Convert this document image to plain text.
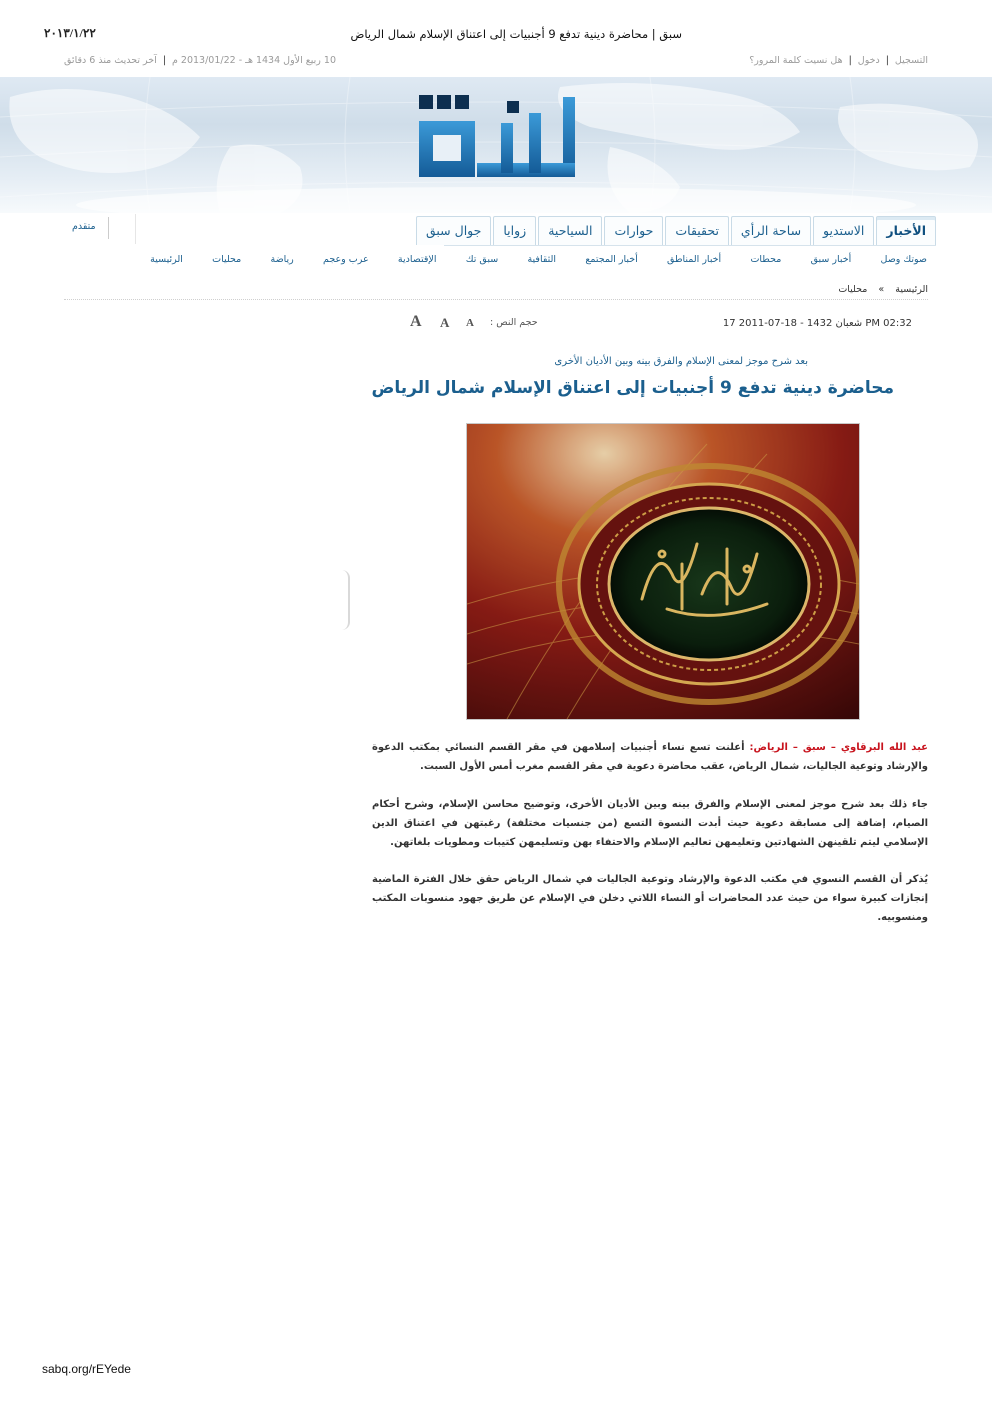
٢٠١٣/١/٢٢	سبق | محاضرة دينية تدفع 9 أجنبيات إلى اعتناق الإسلام شمال الرياض
التسجيل|دخول|هل نسيت كلمة المرور؟
10 ربيع الأول 1434 هـ - 2013/01/22 م|آخر تحديث منذ 6 دقائق
الأخبار
الاستديو
ساحة الرأي
تحقيقات
حوارات
السياحية
زوايا
جوال سبق
متقدم
الرئيسية	محليات	رياضة	عرب وعجم	الإقتصادية	سبق تك	الثقافية	أخبار المجتمع	أخبار المناطق	محطات	أخبار سبق	صوتك وصل
الرئيسية » محليات
17 شعبان 1432 - 18-07-2011 PM 02:32
حجم النص :
A
A
A
بعد شرح موجز لمعنى الإسلام والفرق بينه وبين الأديان الأخرى
محاضرة دينية تدفع 9 أجنبيات إلى اعتناق الإسلام شمال الرياض
عبد الله البرقاوي – سبق – الرياض: أعلنت تسع نساء أجنبيات إسلامهن في مقر القسم النسائي بمكتب الدعوة والإرشاد وتوعية الجاليات، شمال الرياض، عقب محاضرة دعوية في مقر القسم مغرب أمس الأول السبت.
جاء ذلك بعد شرح موجز لمعنى الإسلام والفرق بينه وبين الأديان الأخرى، وتوضيح محاسن الإسلام، وشرح أحكام الصيام، إضافة إلى مسابقة دعوية حيث أبدت النسوة التسع (من جنسيات مختلفة) رغبتهن في اعتناق الدين الإسلامي ليتم تلقينهن الشهادتين وتعليمهن تعاليم الإسلام والاحتفاء بهن وتسليمهن كتيبات ومطويات بلغاتهن.
يُذكر أن القسم النسوي في مكتب الدعوة والإرشاد وتوعية الجاليات في شمال الرياض حقق خلال الفترة الماضية إنجازات كبيرة سواء من حيث عدد المحاضرات أو النساء اللاتي دخلن في الإسلام عن طريق جهود منسوبات المكتب ومنسوبيه.
sabq.org/rEYede
